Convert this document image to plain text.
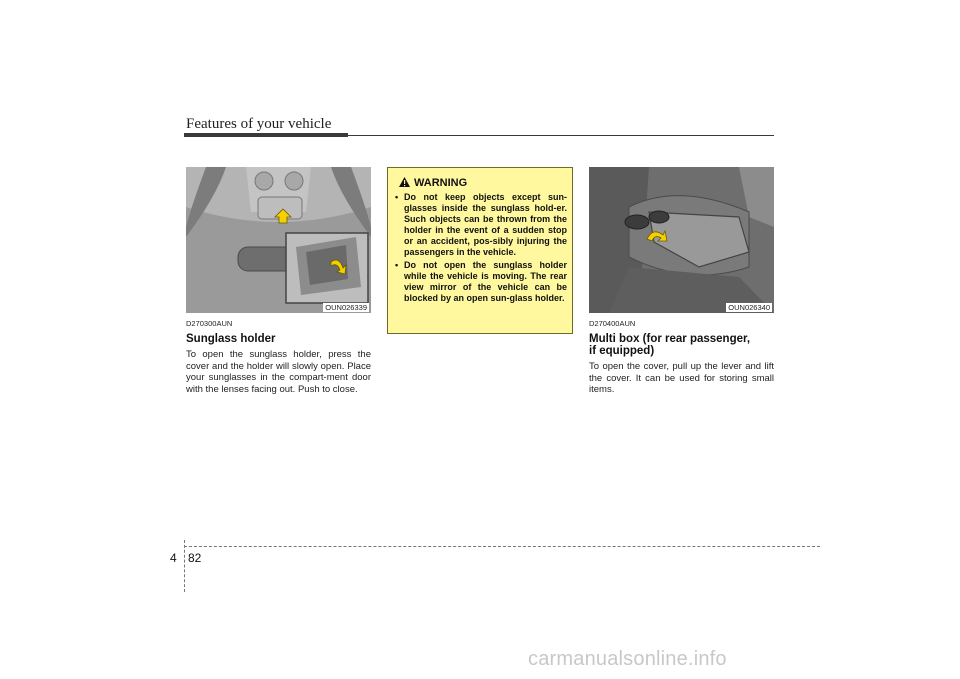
Features of your vehicle
OUN026339
D270300AUN
Sunglass holder
To open the sunglass holder, press the cover and the holder will slowly open. Place your sunglasses in the compart-ment door with the lenses facing out. Push to close.
WARNING
• Do not keep objects except sun-glasses inside the sunglass hold-er. Such objects can be thrown from the holder in the event of a sudden stop or an accident, pos-sibly injuring the passengers in the vehicle.
• Do not open the sunglass holder while the vehicle is moving. The rear view mirror of the vehicle can be blocked by an open sun-glass holder.
OUN026340
D270400AUN
Multi box (for rear passenger,
if equipped)
To open the cover, pull up the lever and lift the cover. It can be used for storing small items.
4 82
carmanualsonline.info
